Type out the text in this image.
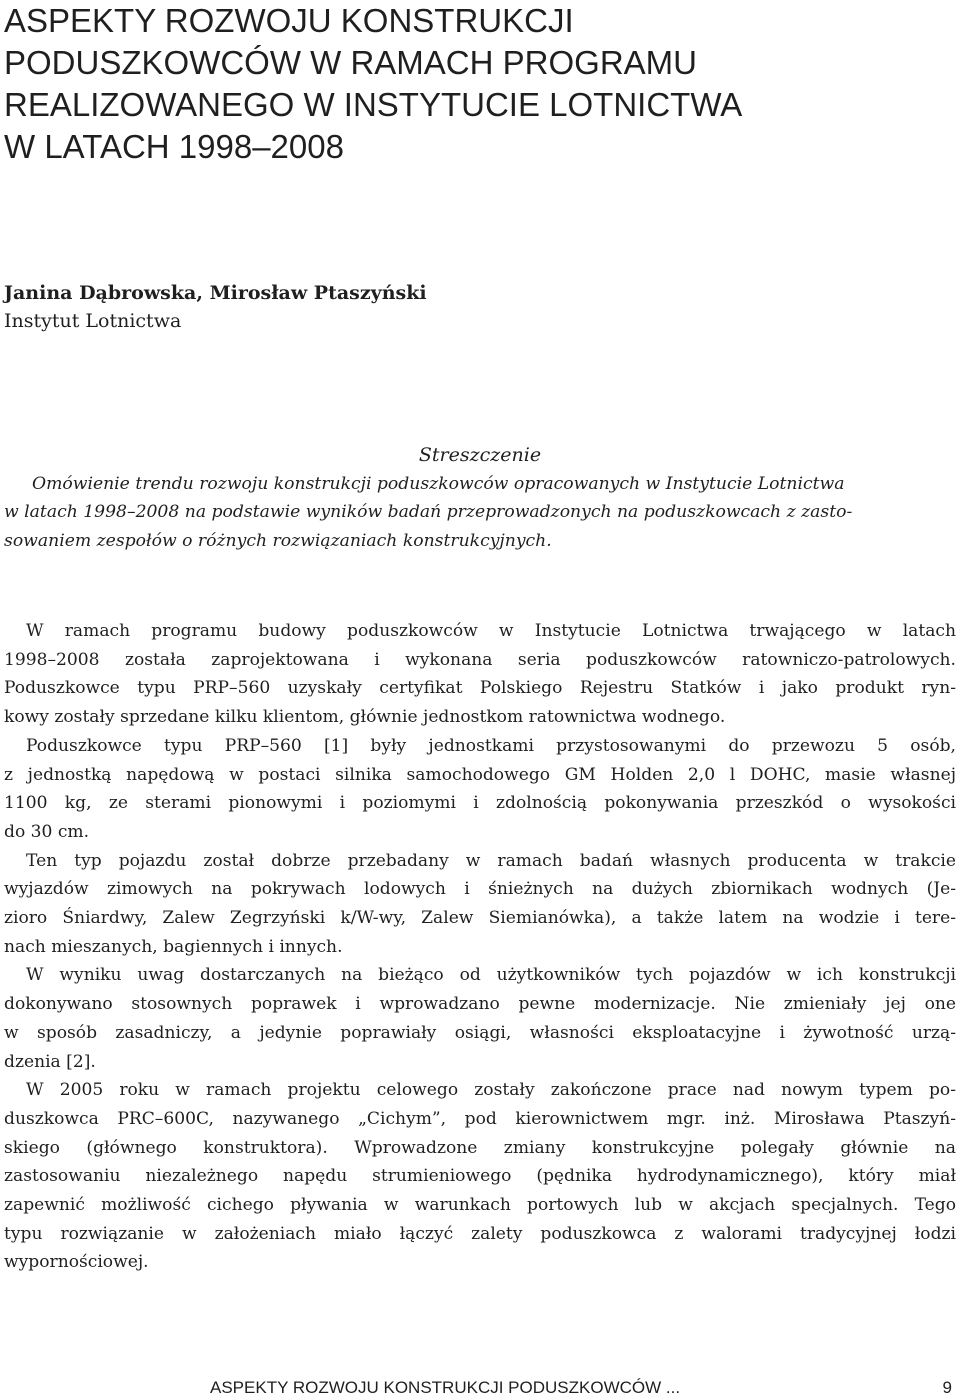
ASPEKTY ROZWOJU KONSTRUKCJI
PODUSZKOWCÓW W RAMACH PROGRAMU
REALIZOWANEGO W INSTYTUCIE LOTNICTWA
W LATACH 1998–2008
Janina Dąbrowska, Mirosław Ptaszyński
Instytut Lotnictwa
Streszczenie
Omówienie trendu rozwoju konstrukcji poduszkowców opracowanych w Instytucie Lotnictwa
w latach 1998–2008 na podstawie wyników badań przeprowadzonych na poduszkowcach z zasto-
sowaniem zespołów o różnych rozwiązaniach konstrukcyjnych.
W ramach programu budowy poduszkowców w Instytucie Lotnictwa trwającego w latach
1998–2008 została zaprojektowana i wykonana seria poduszkowców ratowniczo-patrolowych.
Poduszkowce typu PRP–560 uzyskały certyfikat Polskiego Rejestru Statków i jako produkt ryn-
kowy zostały sprzedane kilku klientom, głównie jednostkom ratownictwa wodnego.
Poduszkowce typu PRP–560 [1] były jednostkami przystosowanymi do przewozu 5 osób,
z jednostką napędową w postaci silnika samochodowego GM Holden 2,0 l DOHC, masie własnej
1100 kg, ze sterami pionowymi i poziomymi i zdolnością pokonywania przeszkód o wysokości
do 30 cm.
Ten typ pojazdu został dobrze przebadany w ramach badań własnych producenta w trakcie
wyjazdów zimowych na pokrywach lodowych i śnieżnych na dużych zbiornikach wodnych (Je-
zioro Śniardwy, Zalew Zegrzyński k/W-wy, Zalew Siemianówka), a także latem na wodzie i tere-
nach mieszanych, bagiennych i innych.
W wyniku uwag dostarczanych na bieżąco od użytkowników tych pojazdów w ich konstrukcji
dokonywano stosownych poprawek i wprowadzano pewne modernizacje. Nie zmieniały jej one
w sposób zasadniczy, a jedynie poprawiały osiągi, własności eksploatacyjne i żywotność urzą-
dzenia [2].
W 2005 roku w ramach projektu celowego zostały zakończone prace nad nowym typem po-
duszkowca PRC–600C, nazywanego „Cichym”, pod kierownictwem mgr. inż. Mirosława Ptaszyń-
skiego (głównego konstruktora). Wprowadzone zmiany konstrukcyjne polegały głównie na
zastosowaniu niezależnego napędu strumieniowego (pędnika hydrodynamicznego), który miał
zapewnić możliwość cichego pływania w warunkach portowych lub w akcjach specjalnych. Tego
typu rozwiązanie w założeniach miało łączyć zalety poduszkowca z walorami tradycyjnej łodzi
wypornościowej.
ASPEKTY ROZWOJU KONSTRUKCJI PODUSZKOWCÓW ...	9
